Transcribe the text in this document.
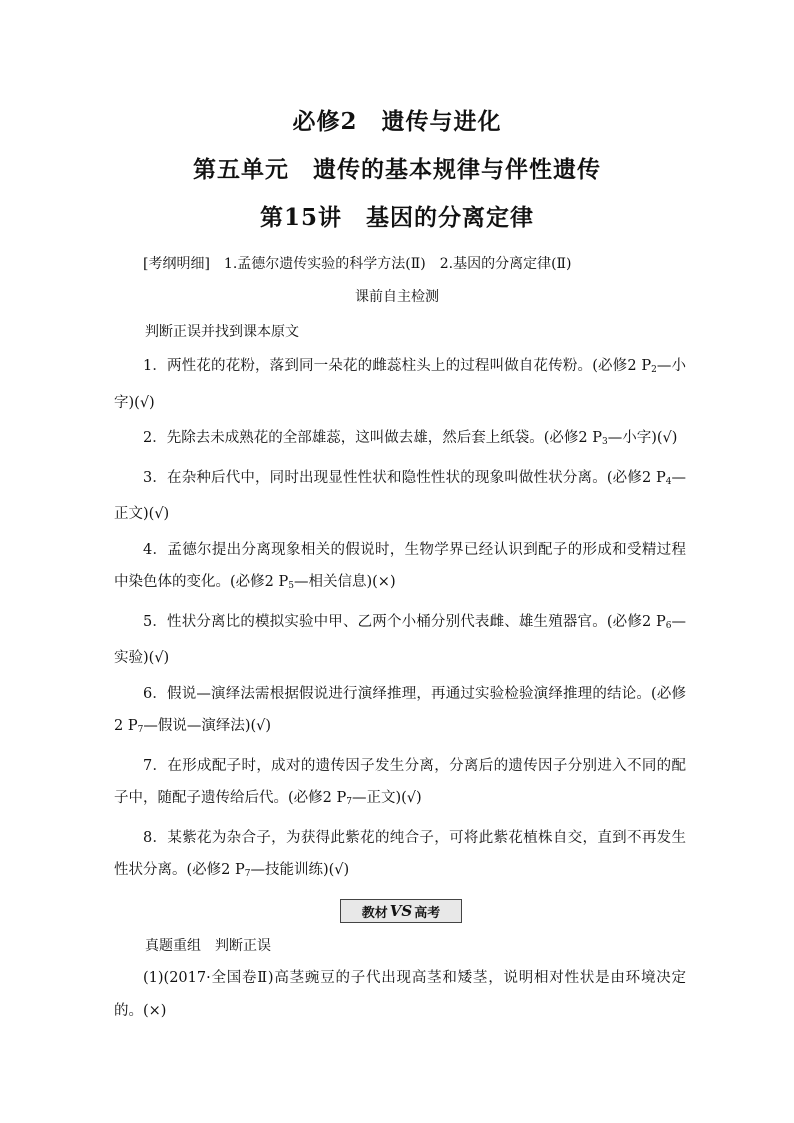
必修2　遗传与进化
第五单元　遗传的基本规律与伴性遗传
第15讲　基因的分离定律
[考纲明细]　1.孟德尔遗传实验的科学方法(Ⅱ)　2.基因的分离定律(Ⅱ)
课前自主检测
判断正误并找到课本原文

1．两性花的花粉，落到同一朵花的雌蕊柱头上的过程叫做自花传粉。(必修2 $P_2—$小字)(√)

2．先除去未成熟花的全部雄蕊，这叫做去雄，然后套上纸袋。(必修2 $P_3—$小字)(√)

3．在杂种后代中，同时出现显性性状和隐性性状的现象叫做性状分离。(必修2 $P_4—$正文)(√)

4．孟德尔提出分离现象相关的假说时，生物学界已经认识到配子的形成和受精过程中染色体的变化。(必修2 $P_5—$相关信息)(×)

5．性状分离比的模拟实验中甲、乙两个小桶分别代表雌、雄生殖器官。(必修2 $P_6—$实验)(√)

6．假说—演绎法需根据假说进行演绎推理，再通过实验检验演绎推理的结论。(必修2 $P_7—$假说—演绎法)(√)

7．在形成配子时，成对的遗传因子发生分离，分离后的遗传因子分别进入不同的配子中，随配子遗传给后代。(必修2 $P_7—$正文)(√)

8．某紫花为杂合子，为获得此紫花的纯合子，可将此紫花植株自交，直到不再发生性状分离。(必修2 $P_7—$技能训练)(√)

教材 VS 高考
真题重组　判断正误

(1)(2017·全国卷Ⅱ)高茎豌豆的子代出现高茎和矮茎，说明相对性状是由环境决定的。(×)
